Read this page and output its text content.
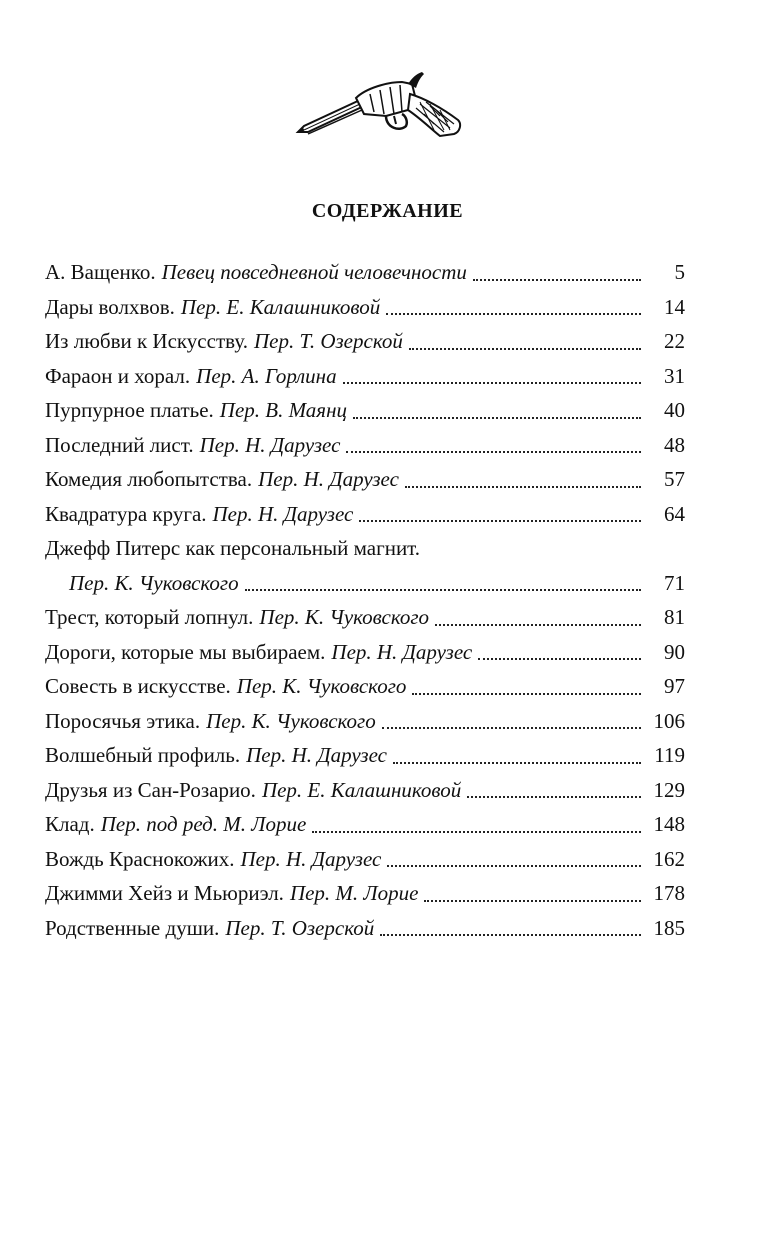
СОДЕРЖАНИЕ
А. Ващенко. Певец повседневной человечности	5
Дары волхвов. Пер. Е. Калашниковой	14
Из любви к Искусству. Пер. Т. Озерской	22
Фараон и хорал. Пер. А. Горлина	31
Пурпурное платье. Пер. В. Маянц	40
Последний лист. Пер. Н. Дарузес	48
Комедия любопытства. Пер. Н. Дарузес	57
Квадратура круга. Пер. Н. Дарузес	64
Джефф Питерс как персональный магнит.
Пер. К. Чуковского	71
Трест, который лопнул. Пер. К. Чуковского	81
Дороги, которые мы выбираем. Пер. Н. Дарузес	90
Совесть в искусстве. Пер. К. Чуковского	97
Поросячья этика. Пер. К. Чуковского	106
Волшебный профиль. Пер. Н. Дарузес	119
Друзья из Сан-Розарио. Пер. Е. Калашниковой	129
Клад. Пер. под ред. М. Лорие	148
Вождь Краснокожих. Пер. Н. Дарузес	162
Джимми Хейз и Мьюриэл. Пер. М. Лорие	178
Родственные души. Пер. Т. Озерской	185
